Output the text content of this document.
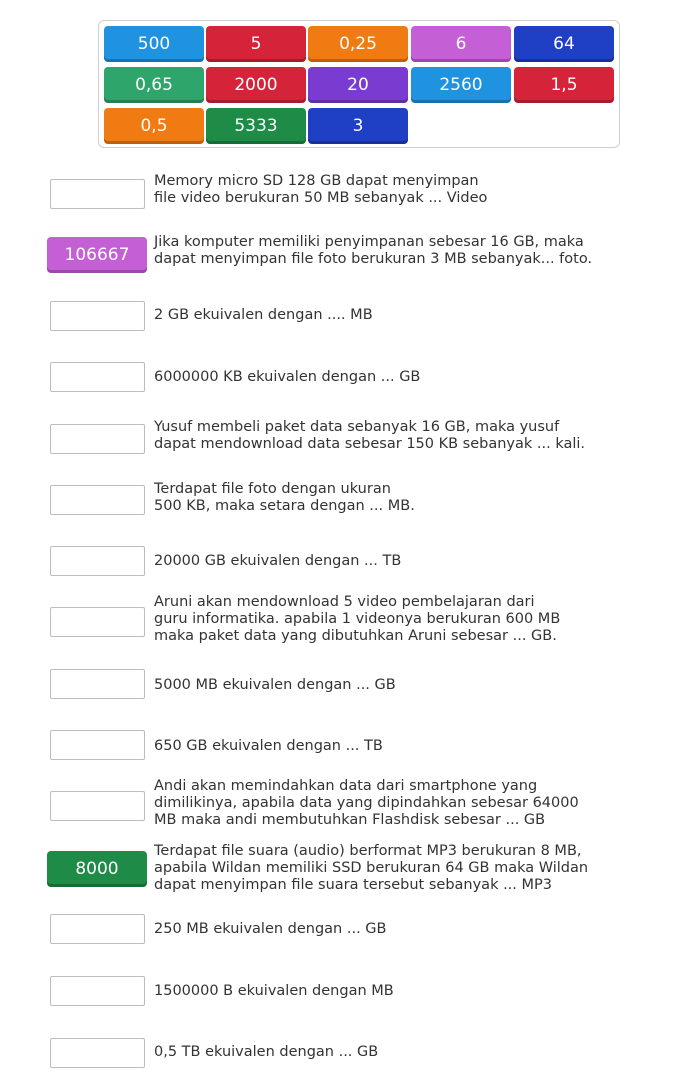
500	5	0,25	6	64
0,65	2000	20	2560	1,5
0,5	5333	3
Memory micro SD 128 GB dapat menyimpan
file video berukuran 50 MB sebanyak ... Video
106667
Jika komputer memiliki penyimpanan sebesar 16 GB, maka
dapat menyimpan file foto berukuran 3 MB sebanyak... foto.
2 GB ekuivalen dengan .... MB
6000000 KB ekuivalen dengan ... GB
Yusuf membeli paket data sebanyak 16 GB, maka yusuf
dapat mendownload data sebesar 150 KB sebanyak ... kali.
Terdapat file foto dengan ukuran
500 KB, maka setara dengan ... MB.
20000 GB ekuivalen dengan ... TB
Aruni akan mendownload 5 video pembelajaran dari
guru informatika. apabila 1 videonya berukuran 600 MB
maka paket data yang dibutuhkan Aruni sebesar ... GB.
5000 MB ekuivalen dengan ... GB
650 GB ekuivalen dengan ... TB
Andi akan memindahkan data dari smartphone yang
dimilikinya, apabila data yang dipindahkan sebesar 64000
MB maka andi membutuhkan Flashdisk sebesar ... GB
8000
Terdapat file suara (audio) berformat MP3 berukuran 8 MB,
apabila Wildan memiliki SSD berukuran 64 GB maka Wildan
dapat menyimpan file suara tersebut sebanyak ... MP3
250 MB ekuivalen dengan ... GB
1500000 B ekuivalen dengan MB
0,5 TB ekuivalen dengan ... GB
